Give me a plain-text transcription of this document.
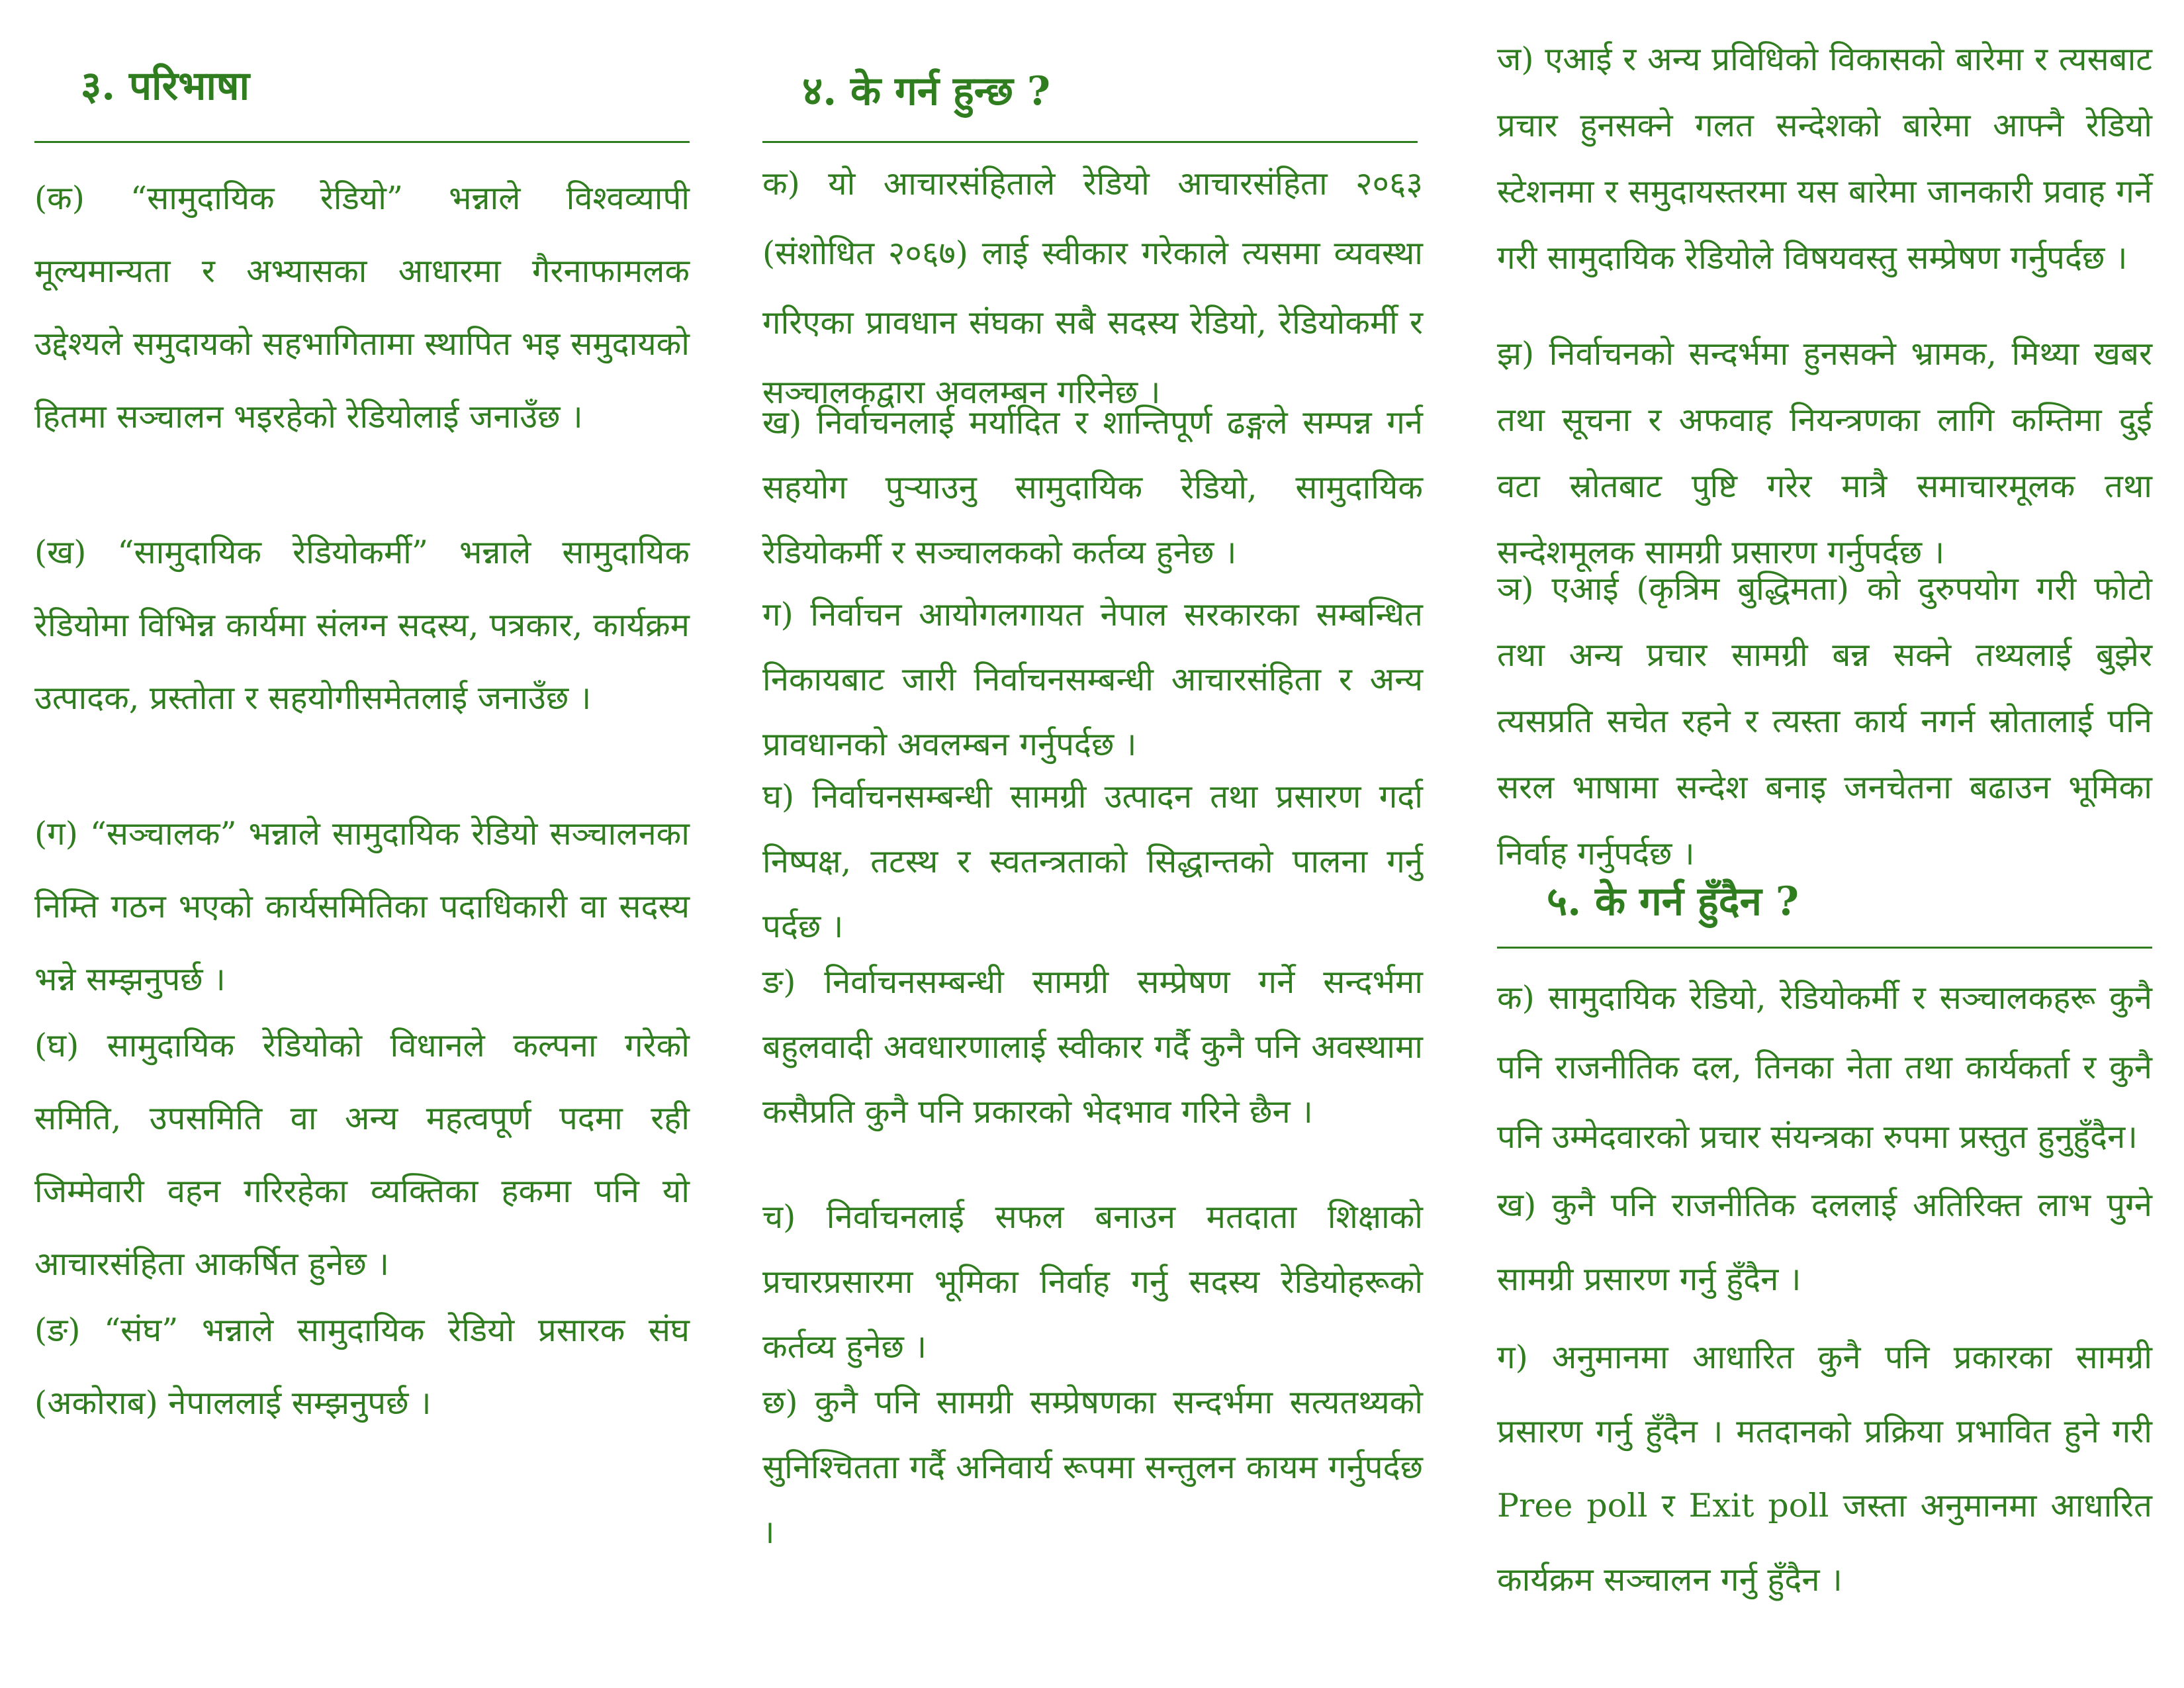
३. परिभाषा

(क) “सामुदायिक रेडियो” भन्नाले विश्वव्यापी मूल्यमान्यता र अभ्यासका आधारमा गैरनाफामलक उद्देश्यले समुदायको सहभागितामा स्थापित भइ समुदायको हितमा सञ्चालन भइरहेको रेडियोलाई जनाउँछ ।

(ख) “सामुदायिक रेडियोकर्मी” भन्नाले सामुदायिक रेडियोमा विभिन्न कार्यमा संलग्न सदस्य, पत्रकार, कार्यक्रम उत्पादक, प्रस्तोता र सहयोगीसमेतलाई जनाउँछ ।

(ग) “सञ्चालक” भन्नाले सामुदायिक रेडियो सञ्चालनका निम्ति गठन भएको कार्यसमितिका पदाधिकारी वा सदस्य भन्ने सम्झनुपर्छ ।

(घ) सामुदायिक रेडियोको विधानले कल्पना गरेको समिति, उपसमिति वा अन्य महत्वपूर्ण पदमा रही जिम्मेवारी वहन गरिरहेका व्यक्तिका हकमा पनि यो आचारसंहिता आकर्षित हुनेछ ।

(ङ) “संघ” भन्नाले सामुदायिक रेडियो प्रसारक संघ (अकोराब) नेपाललाई सम्झनुपर्छ ।

४. के गर्न हुन्छ ?

क) यो आचारसंहिताले रेडियो आचारसंहिता २०६३ (संशोधित २०६७) लाई स्वीकार गरेकाले त्यसमा व्यवस्था गरिएका प्रावधान संघका सबै सदस्य रेडियो, रेडियोकर्मी र सञ्चालकद्वारा अवलम्बन गरिनेछ ।

ख) निर्वाचनलाई मर्यादित र शान्तिपूर्ण ढङ्गले सम्पन्न गर्न सहयोग पुर्‍याउनु सामुदायिक रेडियो, सामुदायिक रेडियोकर्मी र सञ्चालकको कर्तव्य हुनेछ ।

ग) निर्वाचन आयोगलगायत नेपाल सरकारका सम्बन्धित निकायबाट जारी निर्वाचनसम्बन्धी आचारसंहिता र अन्य प्रावधानको अवलम्बन गर्नुपर्दछ ।

घ) निर्वाचनसम्बन्धी सामग्री उत्पादन तथा प्रसारण गर्दा निष्पक्ष, तटस्थ र स्वतन्त्रताको सिद्धान्तको पालना गर्नु पर्दछ ।

ङ) निर्वाचनसम्बन्धी सामग्री सम्प्रेषण गर्ने सन्दर्भमा बहुलवादी अवधारणालाई स्वीकार गर्दै कुनै पनि अवस्थामा कसैप्रति कुनै पनि प्रकारको भेदभाव गरिने छैन ।

च) निर्वाचनलाई सफल बनाउन मतदाता शिक्षाको प्रचारप्रसारमा भूमिका निर्वाह गर्नु सदस्य रेडियोहरूको कर्तव्य हुनेछ ।

छ) कुनै पनि सामग्री सम्प्रेषणका सन्दर्भमा सत्यतथ्यको सुनिश्चितता गर्दै अनिवार्य रूपमा सन्तुलन कायम गर्नुपर्दछ ।

ज) एआई र अन्य प्रविधिको विकासको बारेमा र त्यसबाट प्रचार हुनसक्ने गलत सन्देशको बारेमा आफ्नै रेडियो स्टेशनमा र समुदायस्तरमा यस बारेमा जानकारी प्रवाह गर्ने गरी सामुदायिक रेडियोले विषयवस्तु सम्प्रेषण गर्नुपर्दछ ।

झ) निर्वाचनको सन्दर्भमा हुनसक्ने भ्रामक, मिथ्या खबर तथा सूचना र अफवाह नियन्त्रणका लागि कम्तिमा दुई वटा स्रोतबाट पुष्टि गरेर मात्रै समाचारमूलक तथा सन्देशमूलक सामग्री प्रसारण गर्नुपर्दछ ।

ञ) एआई (कृत्रिम बुद्धिमता) को दुरुपयोग गरी फोटो तथा अन्य प्रचार सामग्री बन्न सक्ने तथ्यलाई बुझेर त्यसप्रति सचेत रहने र त्यस्ता कार्य नगर्न स्रोतालाई पनि सरल भाषामा सन्देश बनाइ जनचेतना बढाउन भूमिका निर्वाह गर्नुपर्दछ ।

५. के गर्न हुँदैन ?

क) सामुदायिक रेडियो, रेडियोकर्मी र सञ्चालकहरू कुनै पनि राजनीतिक दल, तिनका नेता तथा कार्यकर्ता र कुनै पनि उम्मेदवारको प्रचार संयन्त्रका रुपमा प्रस्तुत हुनुहुँदैन।

ख) कुनै पनि राजनीतिक दललाई अतिरिक्त लाभ पुग्ने सामग्री प्रसारण गर्नु हुँदैन ।

ग) अनुमानमा आधारित कुनै पनि प्रकारका सामग्री प्रसारण गर्नु हुँदैन । मतदानको प्रक्रिया प्रभावित हुने गरी Pree poll र Exit poll जस्ता अनुमानमा आधारित कार्यक्रम सञ्चालन गर्नु हुँदैन ।
